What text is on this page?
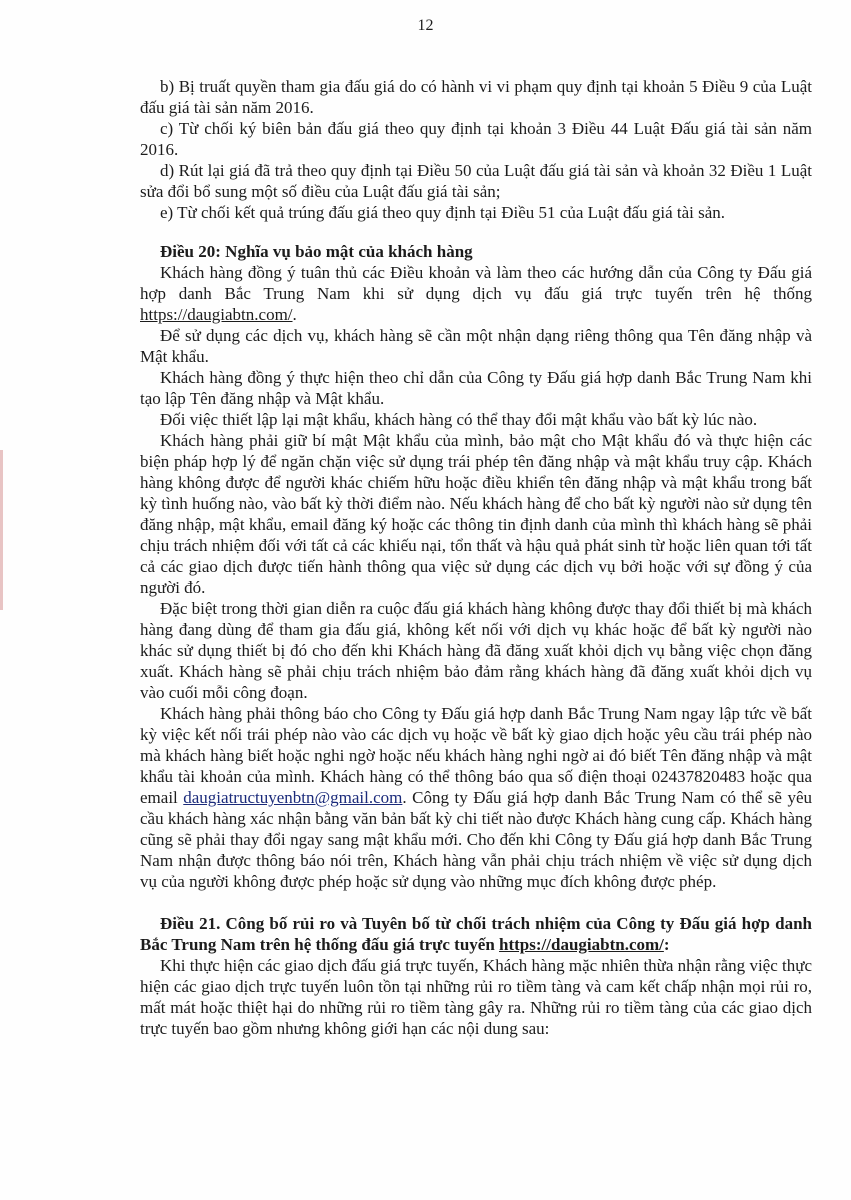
12

b) Bị truất quyền tham gia đấu giá do có hành vi vi phạm quy định tại khoản 5 Điều 9 của Luật đấu giá tài sản năm 2016.

c) Từ chối ký biên bản đấu giá theo quy định tại khoản 3 Điều 44 Luật Đấu giá tài sản năm 2016.

d) Rút lại giá đã trả theo quy định tại Điều 50 của Luật đấu giá tài sản và khoản 32 Điều 1 Luật sửa đổi bổ sung một số điều của Luật đấu giá tài sản;

e) Từ chối kết quả trúng đấu giá theo quy định tại Điều 51 của Luật đấu giá tài sản.

Điều 20: Nghĩa vụ bảo mật của khách hàng

Khách hàng đồng ý tuân thủ các Điều khoản và làm theo các hướng dẫn của Công ty Đấu giá hợp danh Bắc Trung Nam khi sử dụng dịch vụ đấu giá trực tuyến trên hệ thống https://daugiabtn.com/.

Để sử dụng các dịch vụ, khách hàng sẽ cần một nhận dạng riêng thông qua Tên đăng nhập và Mật khẩu.

Khách hàng đồng ý thực hiện theo chỉ dẫn của Công ty Đấu giá hợp danh Bắc Trung Nam khi tạo lập Tên đăng nhập và Mật khẩu.

Đối việc thiết lập lại mật khẩu, khách hàng có thể thay đổi mật khẩu vào bất kỳ lúc nào.

Khách hàng phải giữ bí mật Mật khẩu của mình, bảo mật cho Mật khẩu đó và thực hiện các biện pháp hợp lý để ngăn chặn việc sử dụng trái phép tên đăng nhập và mật khẩu truy cập. Khách hàng không được để người khác chiếm hữu hoặc điều khiển tên đăng nhập và mật khẩu trong bất kỳ tình huống nào, vào bất kỳ thời điểm nào. Nếu khách hàng để cho bất kỳ người nào sử dụng tên đăng nhập, mật khẩu, email đăng ký hoặc các thông tin định danh của mình thì khách hàng sẽ phải chịu trách nhiệm đối với tất cả các khiếu nại, tổn thất và hậu quả phát sinh từ hoặc liên quan tới tất cả các giao dịch được tiến hành thông qua việc sử dụng các dịch vụ bởi hoặc với sự đồng ý của người đó.

Đặc biệt trong thời gian diễn ra cuộc đấu giá khách hàng không được thay đổi thiết bị mà khách hàng đang dùng để tham gia đấu giá, không kết nối với dịch vụ khác hoặc để bất kỳ người nào khác sử dụng thiết bị đó cho đến khi Khách hàng đã đăng xuất khỏi dịch vụ bằng việc chọn đăng xuất. Khách hàng sẽ phải chịu trách nhiệm bảo đảm rằng khách hàng đã đăng xuất khỏi dịch vụ vào cuối mỗi công đoạn.

Khách hàng phải thông báo cho Công ty Đấu giá hợp danh Bắc Trung Nam ngay lập tức về bất kỳ việc kết nối trái phép nào vào các dịch vụ hoặc về bất kỳ giao dịch hoặc yêu cầu trái phép nào mà khách hàng biết hoặc nghi ngờ hoặc nếu khách hàng nghi ngờ ai đó biết Tên đăng nhập và mật khẩu tài khoản của mình. Khách hàng có thể thông báo qua số điện thoại 02437820483 hoặc qua email daugiatructuyenbtn@gmail.com. Công ty Đấu giá hợp danh Bắc Trung Nam có thể sẽ yêu cầu khách hàng xác nhận bằng văn bản bất kỳ chi tiết nào được Khách hàng cung cấp. Khách hàng cũng sẽ phải thay đổi ngay sang mật khẩu mới. Cho đến khi Công ty Đấu giá hợp danh Bắc Trung Nam nhận được thông báo nói trên, Khách hàng vẫn phải chịu trách nhiệm về việc sử dụng dịch vụ của người không được phép hoặc sử dụng vào những mục đích không được phép.

Điều 21. Công bố rủi ro và Tuyên bố từ chối trách nhiệm của Công ty Đấu giá hợp danh Bắc Trung Nam trên hệ thống đấu giá trực tuyến https://daugiabtn.com/:

Khi thực hiện các giao dịch đấu giá trực tuyến, Khách hàng mặc nhiên thừa nhận rằng việc thực hiện các giao dịch trực tuyến luôn tồn tại những rủi ro tiềm tàng và cam kết chấp nhận mọi rủi ro, mất mát hoặc thiệt hại do những rủi ro tiềm tàng gây ra. Những rủi ro tiềm tàng của các giao dịch trực tuyến bao gồm nhưng không giới hạn các nội dung sau:
